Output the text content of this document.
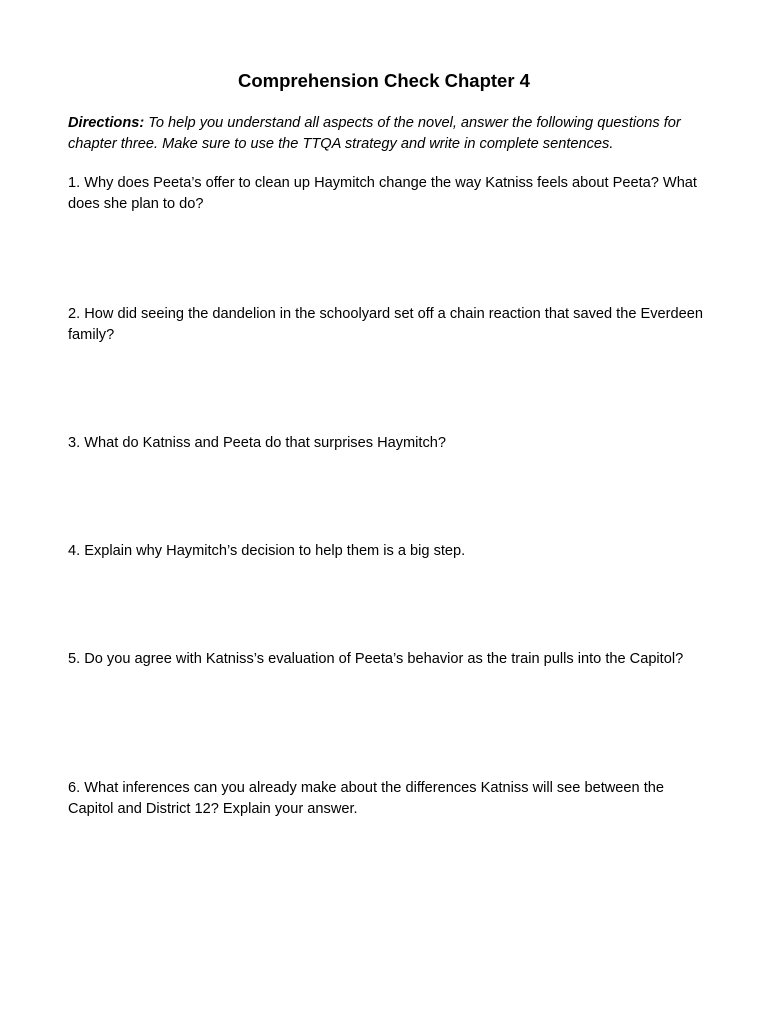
Comprehension Check Chapter 4

Directions: To help you understand all aspects of the novel, answer the following questions for chapter three. Make sure to use the TTQA strategy and write in complete sentences.

1. Why does Peeta’s offer to clean up Haymitch change the way Katniss feels about Peeta? What does she plan to do?

2. How did seeing the dandelion in the schoolyard set off a chain reaction that saved the Everdeen family?

3. What do Katniss and Peeta do that surprises Haymitch?

4. Explain why Haymitch’s decision to help them is a big step.

5. Do you agree with Katniss’s evaluation of Peeta’s behavior as the train pulls into the Capitol?

6. What inferences can you already make about the differences Katniss will see between the Capitol and District 12? Explain your answer.
